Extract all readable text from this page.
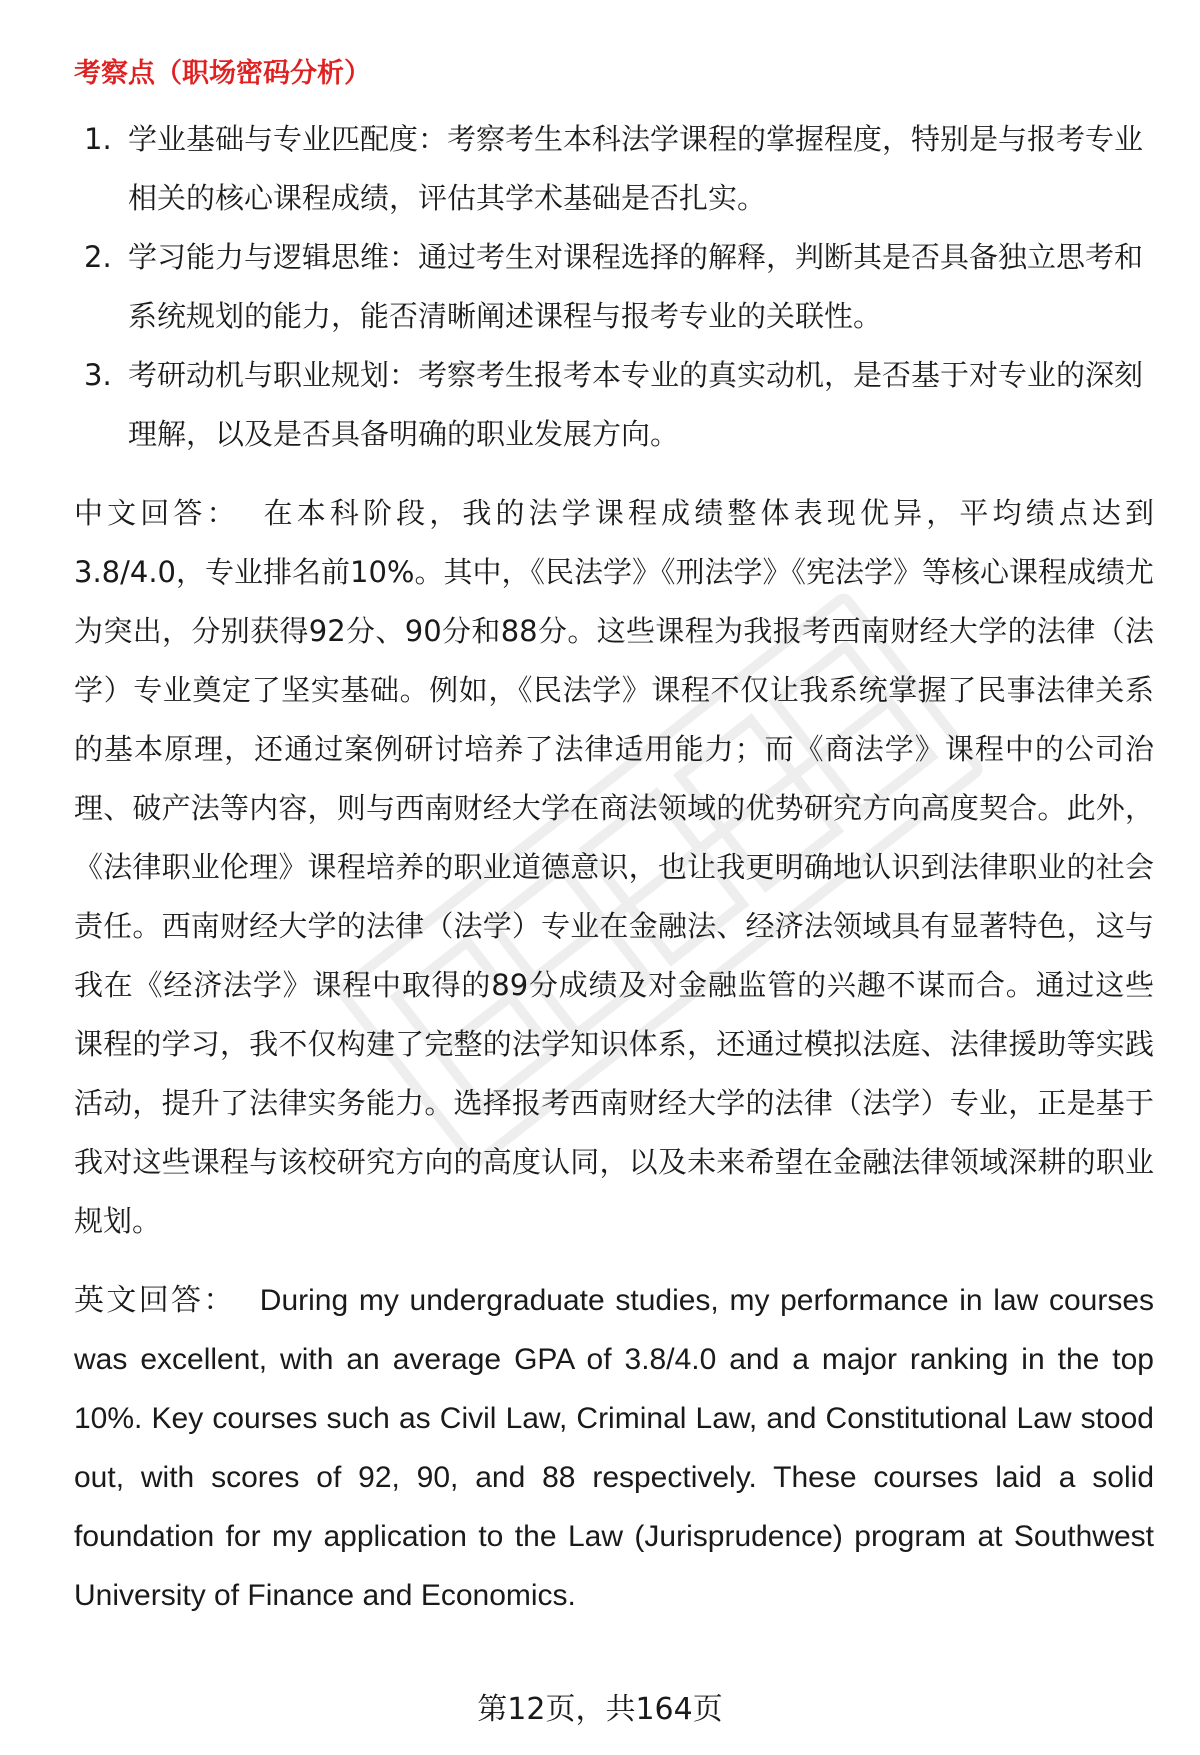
考察点（职场密码分析）
1. 学业基础与专业匹配度：考察考生本科法学课程的掌握程度，特别是与报考专业相关的核心课程成绩，评估其学术基础是否扎实。
2. 学习能力与逻辑思维：通过考生对课程选择的解释，判断其是否具备独立思考和系统规划的能力，能否清晰阐述课程与报考专业的关联性。
3. 考研动机与职业规划：考察考生报考本专业的真实动机，是否基于对专业的深刻理解，以及是否具备明确的职业发展方向。

中文回答： 在本科阶段，我的法学课程成绩整体表现优异，平均绩点达到3.8/4.0，专业排名前10%。其中，《民法学》《刑法学》《宪法学》等核心课程成绩尤为突出，分别获得92分、90分和88分。这些课程为我报考西南财经大学的法律（法学）专业奠定了坚实基础。例如，《民法学》课程不仅让我系统掌握了民事法律关系的基本原理，还通过案例研讨培养了法律适用能力；而《商法学》课程中的公司治理、破产法等内容，则与西南财经大学在商法领域的优势研究方向高度契合。此外，《法律职业伦理》课程培养的职业道德意识，也让我更明确地认识到法律职业的社会责任。西南财经大学的法律（法学）专业在金融法、经济法领域具有显著特色，这与我在《经济法学》课程中取得的89分成绩及对金融监管的兴趣不谋而合。通过这些课程的学习，我不仅构建了完整的法学知识体系，还通过模拟法庭、法律援助等实践活动，提升了法律实务能力。选择报考西南财经大学的法律（法学）专业，正是基于我对这些课程与该校研究方向的高度认同，以及未来希望在金融法律领域深耕的职业规划。

英文回答： During my undergraduate studies, my performance in law courses was excellent, with an average GPA of 3.8/4.0 and a major ranking in the top 10%. Key courses such as Civil Law, Criminal Law, and Constitutional Law stood out, with scores of 92, 90, and 88 respectively. These courses laid a solid foundation for my application to the Law (Jurisprudence) program at Southwest University of Finance and Economics.

第12页，共164页
